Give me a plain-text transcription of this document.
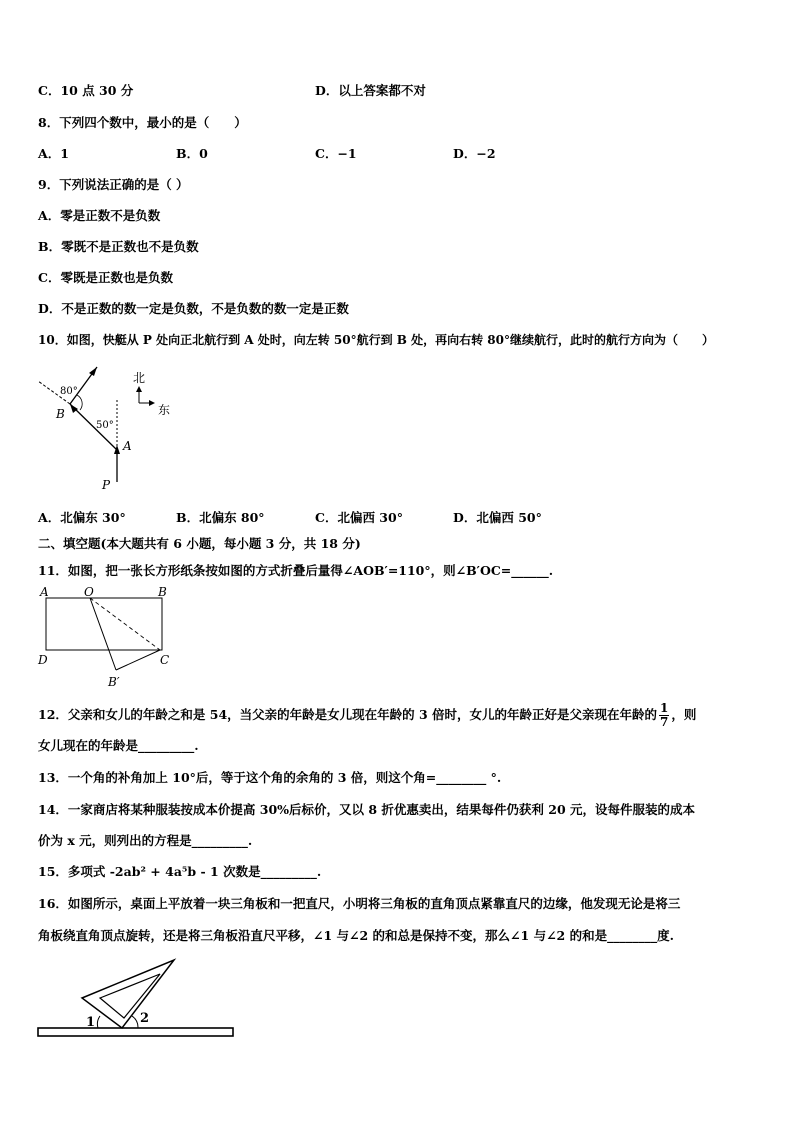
C．10 点 30 分	D．以上答案都不对
8．下列四个数中，最小的是（　　）
A．1	B．0	C．−1	D．−2
9．下列说法正确的是（ ）
A．零是正数不是负数
B．零既不是正数也不是负数
C．零既是正数也是负数
D．不是正数的数一定是负数，不是负数的数一定是正数
10．如图，快艇从 P 处向正北航行到 A 处时，向左转 50°航行到 B 处，再向右转 80°继续航行，此时的航行方向为（　　）
北
东
80°
50°
B
A
P
A．北偏东 30°	B．北偏东 80°	C．北偏西 30°	D．北偏西 50°
二、填空题(本大题共有 6 小题，每小题 3 分，共 18 分)
11．如图，把一张长方形纸条按如图的方式折叠后量得∠AOB′=110°，则∠B′OC=______.
A	O	B
D	C
B′
12．父亲和女儿的年龄之和是 54，当父亲的年龄是女儿现在年龄的 3 倍时，女儿的年龄正好是父亲现在年龄的 $\frac{1}{7}$ ，则
女儿现在的年龄是_________.
13．一个角的补角加上 10°后，等于这个角的余角的 3 倍，则这个角=________ °.
14．一家商店将某种服装按成本价提高 30%后标价，又以 8 折优惠卖出，结果每件仍获利 20 元，设每件服装的成本
价为 x 元，则列出的方程是_________.
15．多项式 -2ab² + 4a⁵b - 1 次数是_________.
16．如图所示，桌面上平放着一块三角板和一把直尺，小明将三角板的直角顶点紧靠直尺的边缘，他发现无论是将三
角板绕直角顶点旋转，还是将三角板沿直尺平移，∠1 与∠2 的和总是保持不变，那么∠1 与∠2 的和是________度.
1	2
